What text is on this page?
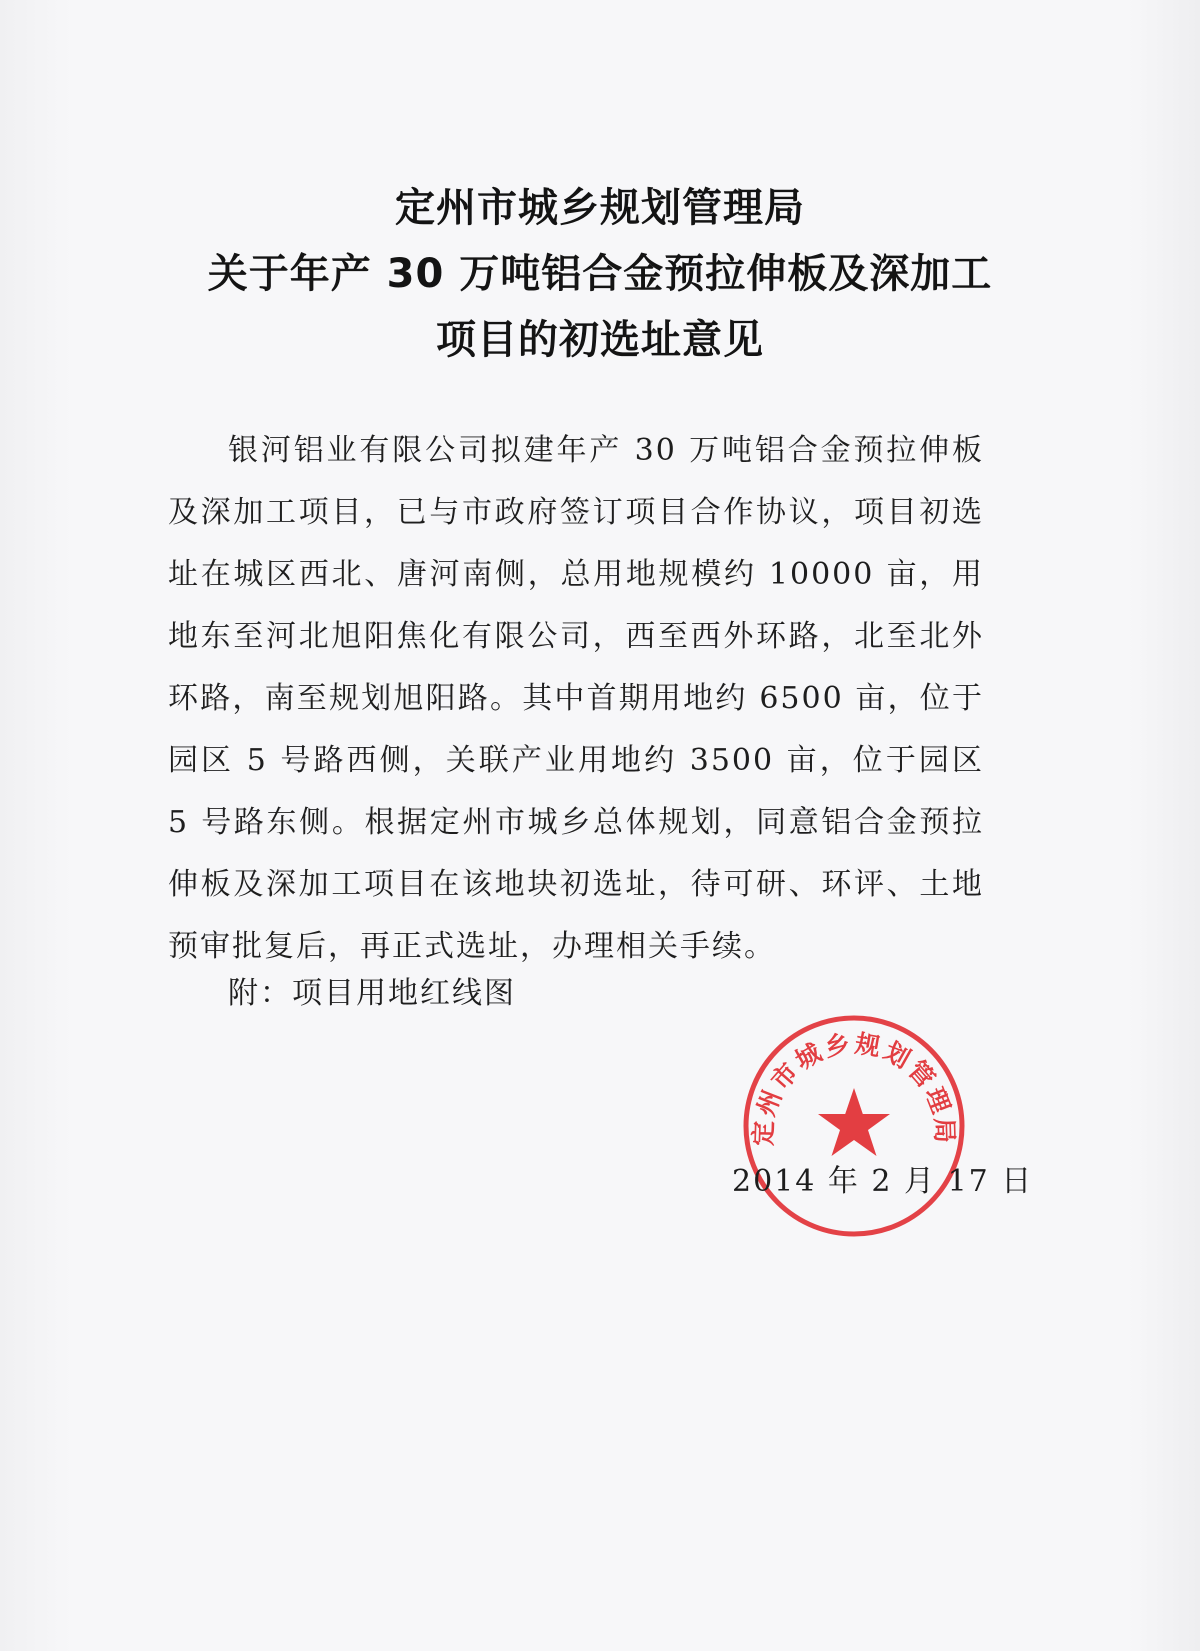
定州市城乡规划管理局
关于年产 30 万吨铝合金预拉伸板及深加工
项目的初选址意见
银河铝业有限公司拟建年产 30 万吨铝合金预拉伸板及深加工项目，已与市政府签订项目合作协议，项目初选址在城区西北、唐河南侧，总用地规模约 10000 亩，用地东至河北旭阳焦化有限公司，西至西外环路，北至北外环路，南至规划旭阳路。其中首期用地约 6500 亩，位于园区 5 号路西侧，关联产业用地约 3500 亩，位于园区 5 号路东侧。根据定州市城乡总体规划，同意铝合金预拉伸板及深加工项目在该地块初选址，待可研、环评、土地预审批复后，再正式选址，办理相关手续。
附：项目用地红线图
定州市城乡规划管理局
2014 年 2 月 17 日
